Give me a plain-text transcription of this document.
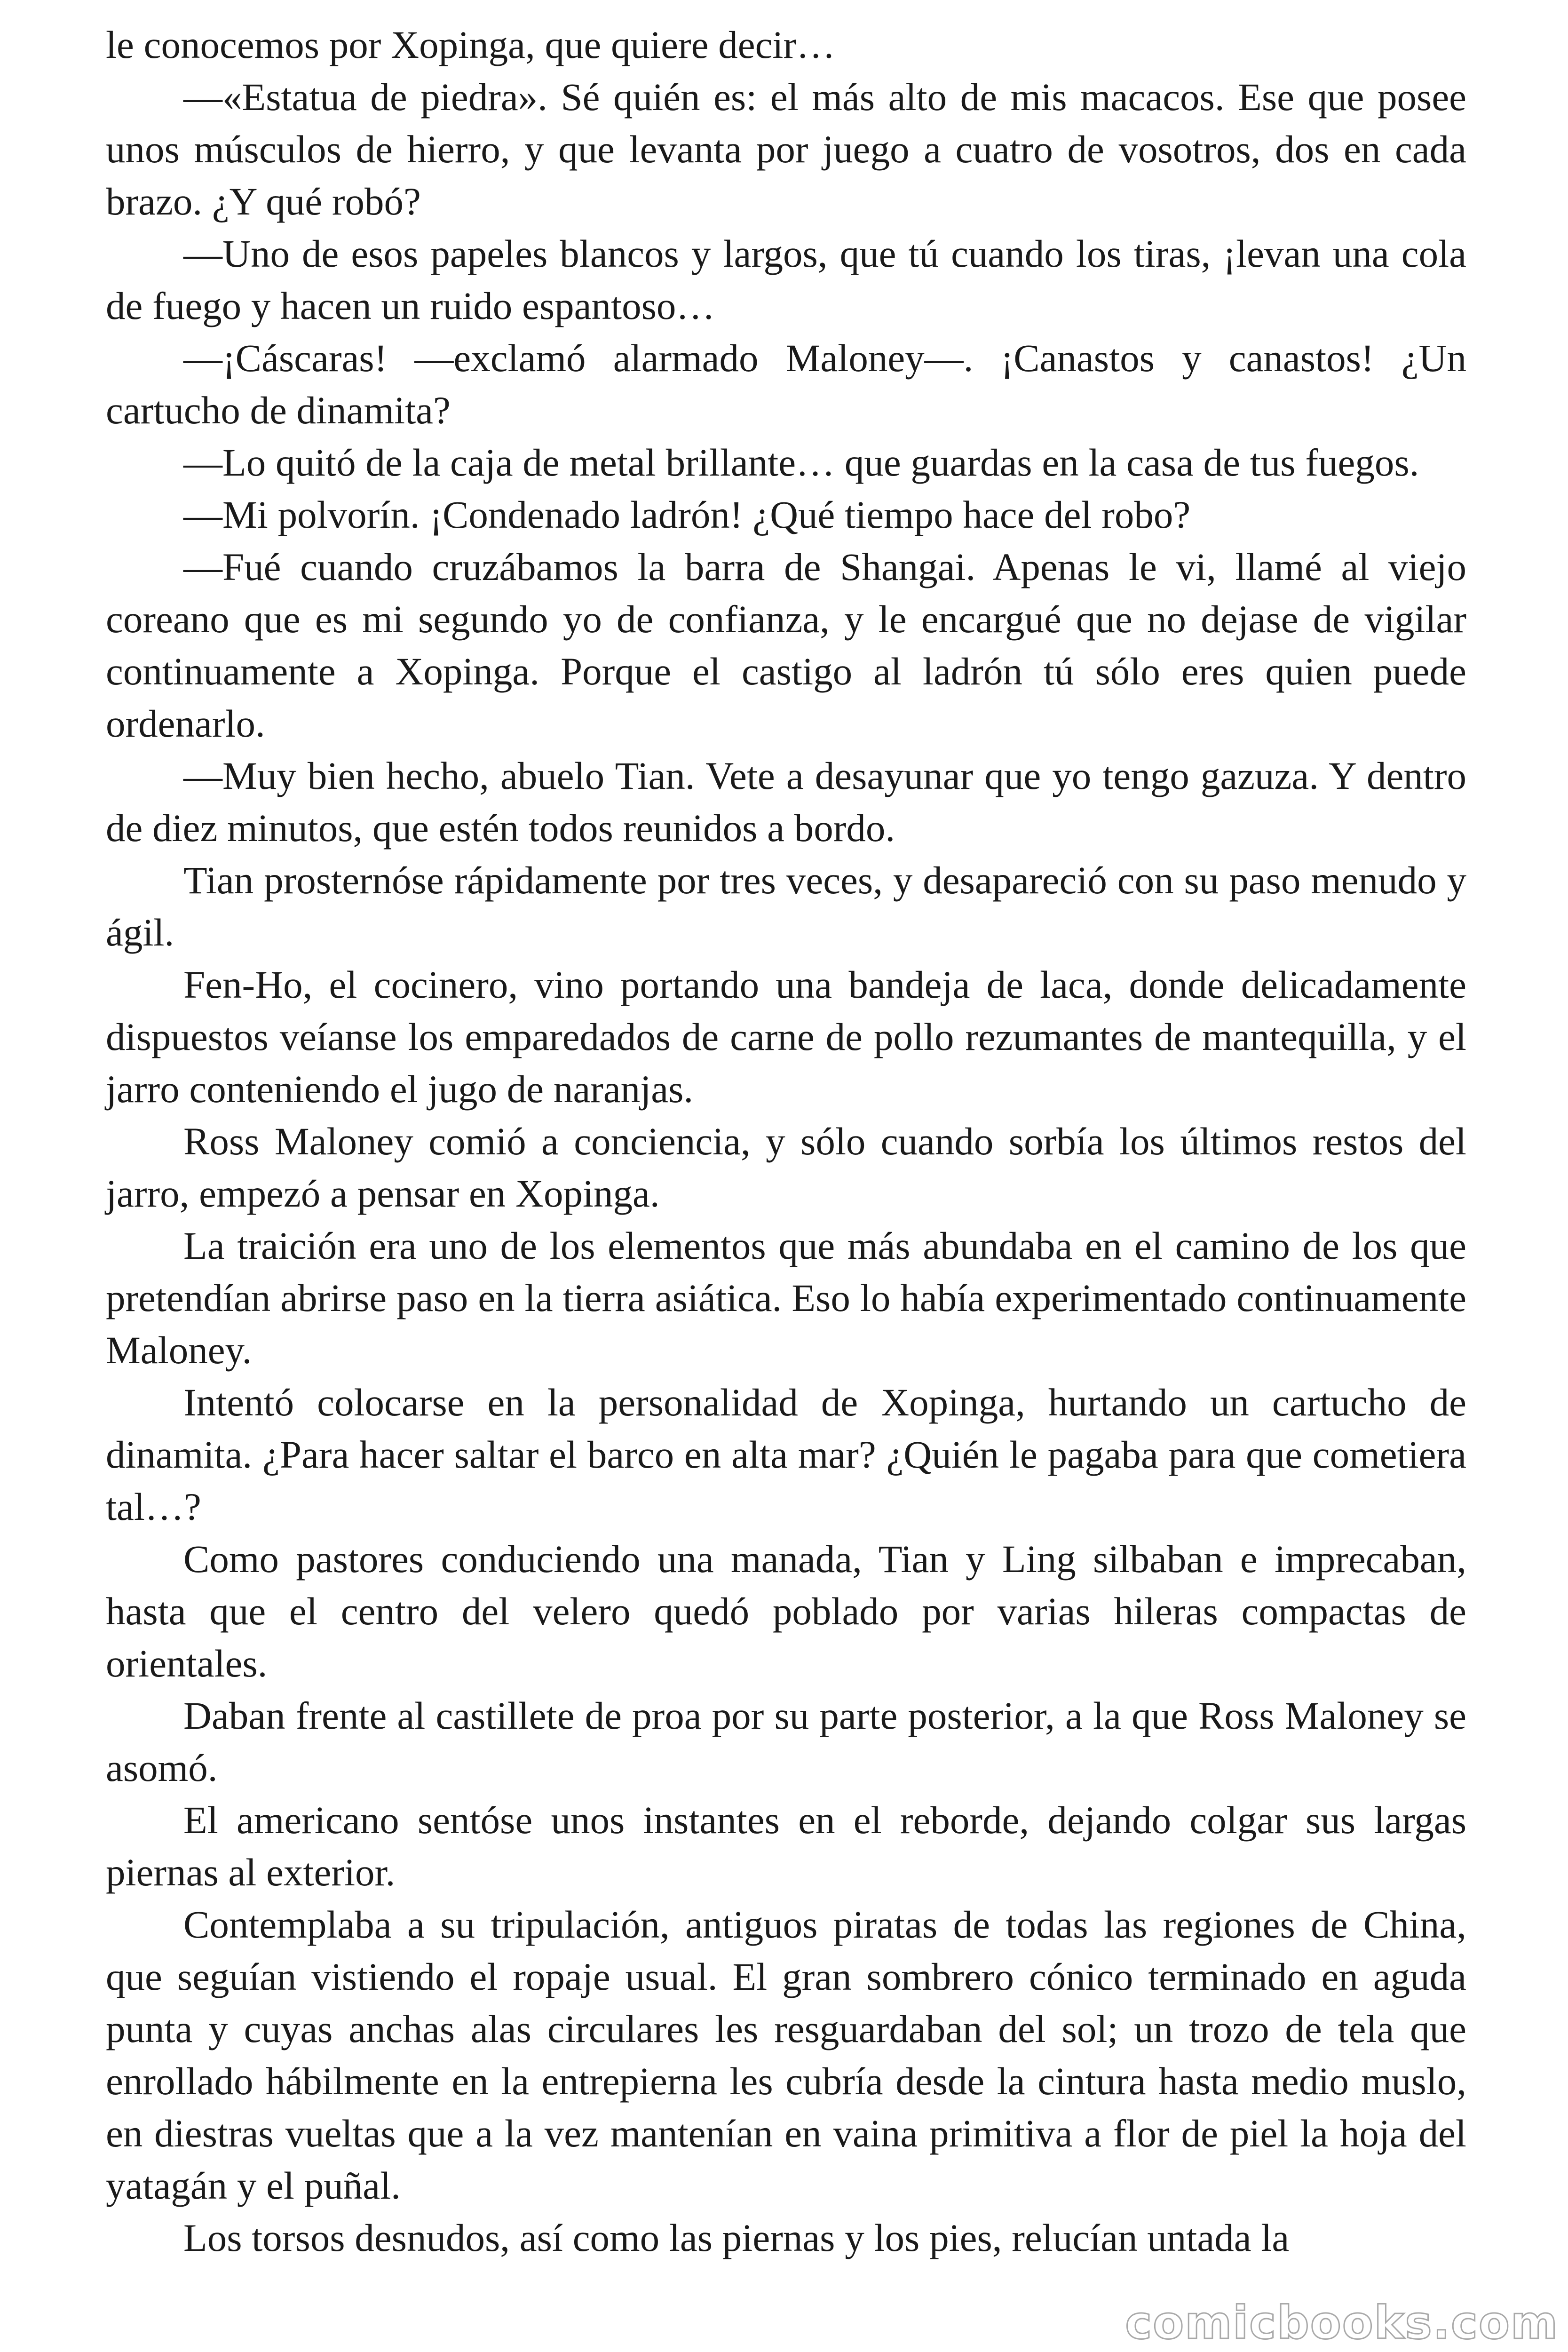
le conocemos por Xopinga, que quiere decir…

—«Estatua de piedra». Sé quién es: el más alto de mis macacos. Ese que posee unos músculos de hierro, y que levanta por juego a cuatro de vosotros, dos en cada brazo. ¿Y qué robó?

—Uno de esos papeles blancos y largos, que tú cuando los tiras, ¡levan una cola de fuego y hacen un ruido espantoso…

—¡Cáscaras! —exclamó alarmado Maloney—. ¡Canastos y canastos! ¿Un cartucho de dinamita?

—Lo quitó de la caja de metal brillante… que guardas en la casa de tus fuegos.

—Mi polvorín. ¡Condenado ladrón! ¿Qué tiempo hace del robo?

—Fué cuando cruzábamos la barra de Shangai. Apenas le vi, llamé al viejo coreano que es mi segundo yo de confianza, y le encargué que no dejase de vigilar continuamente a Xopinga. Porque el castigo al ladrón tú sólo eres quien puede ordenarlo.

—Muy bien hecho, abuelo Tian. Vete a desayunar que yo tengo gazuza. Y dentro de diez minutos, que estén todos reunidos a bordo.

Tian prosternóse rápidamente por tres veces, y desapareció con su paso menudo y ágil.

Fen-Ho, el cocinero, vino portando una bandeja de laca, donde delicadamente dispuestos veíanse los emparedados de carne de pollo rezumantes de mantequilla, y el jarro conteniendo el jugo de naranjas.

Ross Maloney comió a conciencia, y sólo cuando sorbía los últimos restos del jarro, empezó a pensar en Xopinga.

La traición era uno de los elementos que más abundaba en el camino de los que pretendían abrirse paso en la tierra asiática. Eso lo había experimentado continuamente Maloney.

Intentó colocarse en la personalidad de Xopinga, hurtando un cartucho de dinamita. ¿Para hacer saltar el barco en alta mar? ¿Quién le pagaba para que cometiera tal…?

Como pastores conduciendo una manada, Tian y Ling silbaban e imprecaban, hasta que el centro del velero quedó poblado por varias hileras compactas de orientales.

Daban frente al castillete de proa por su parte posterior, a la que Ross Maloney se asomó.

El americano sentóse unos instantes en el reborde, dejando colgar sus largas piernas al exterior.

Contemplaba a su tripulación, antiguos piratas de todas las regiones de China, que seguían vistiendo el ropaje usual. El gran sombrero cónico terminado en aguda punta y cuyas anchas alas circulares les resguardaban del sol; un trozo de tela que enrollado hábilmente en la entrepierna les cubría desde la cintura hasta medio muslo, en diestras vueltas que a la vez mantenían en vaina primitiva a flor de piel la hoja del yatagán y el puñal.

Los torsos desnudos, así como las piernas y los pies, relucían untada la

comicbooks.com
